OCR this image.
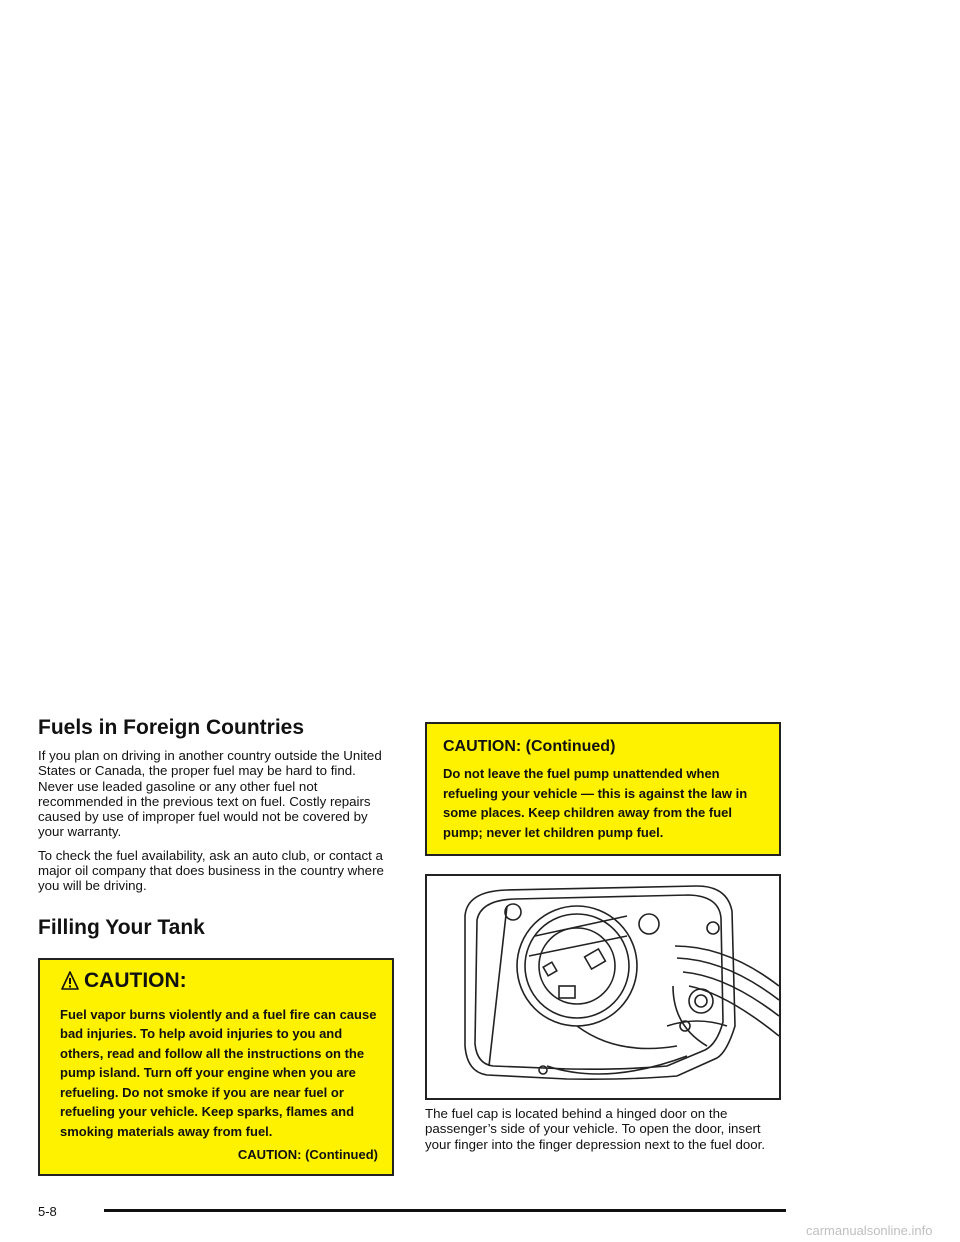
Fuels in Foreign Countries

If you plan on driving in another country outside the United States or Canada, the proper fuel may be hard to find. Never use leaded gasoline or any other fuel not recommended in the previous text on fuel. Costly repairs caused by use of improper fuel would not be covered by your warranty.

To check the fuel availability, ask an auto club, or contact a major oil company that does business in the country where you will be driving.

Filling Your Tank
CAUTION:
Fuel vapor burns violently and a fuel fire can cause bad injuries. To help avoid injuries to you and others, read and follow all the instructions on the pump island. Turn off your engine when you are refueling. Do not smoke if you are near fuel or refueling your vehicle. Keep sparks, flames and smoking materials away from fuel.
CAUTION: (Continued)
CAUTION: (Continued)
Do not leave the fuel pump unattended when refueling your vehicle — this is against the law in some places. Keep children away from the fuel pump; never let children pump fuel.

The fuel cap is located behind a hinged door on the passenger’s side of your vehicle. To open the door, insert your finger into the finger depression next to the fuel door.

5-8
carmanualsonline.info
